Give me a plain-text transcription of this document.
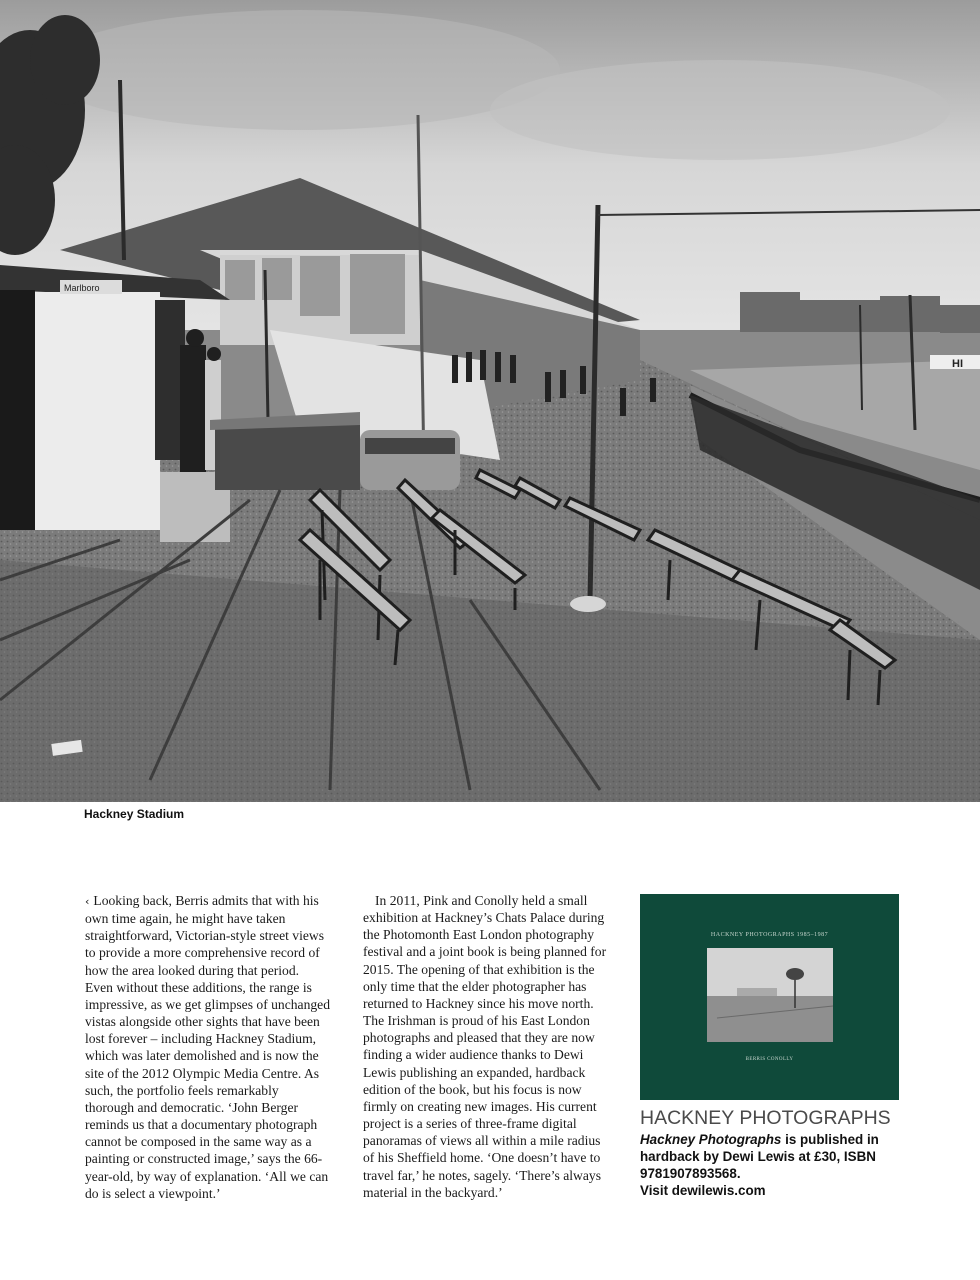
Marlboro
HI
Hackney Stadium

‹ Looking back, Berris admits that with his own time again, he might have taken straightforward, Victorian-style street views to provide a more comprehensive record of how the area looked during that period. Even without these additions, the range is impressive, as we get glimpses of unchanged vistas alongside other sights that have been lost forever – including Hackney Stadium, which was later demolished and is now the site of the 2012 Olympic Media Centre. As such, the portfolio feels remarkably thorough and democratic. ‘John Berger reminds us that a documentary photograph cannot be composed in the same way as a painting or constructed image,’ says the 66-year-old, by way of explanation. ‘All we can do is select a viewpoint.’

In 2011, Pink and Conolly held a small exhibition at Hackney’s Chats Palace during the Photomonth East London photography festival and a joint book is being planned for 2015. The opening of that exhibition is the only time that the elder photographer has returned to Hackney since his move north. The Irishman is proud of his East London photographs and pleased that they are now finding a wider audience thanks to Dewi Lewis publishing an expanded, hardback edition of the book, but his focus is now firmly on creating new images. His current project is a series of three-frame digital panoramas of views all within a mile radius of his Sheffield home. ‘One doesn’t have to travel far,’ he notes, sagely. ‘There’s always material in the backyard.’

HACKNEY PHOTOGRAPHS 1985–1987
BERRIS CONOLLY
HACKNEY PHOTOGRAPHS
Hackney Photographs is published in hardback by Dewi Lewis at £30, ISBN 9781907893568.
Visit dewilewis.com
